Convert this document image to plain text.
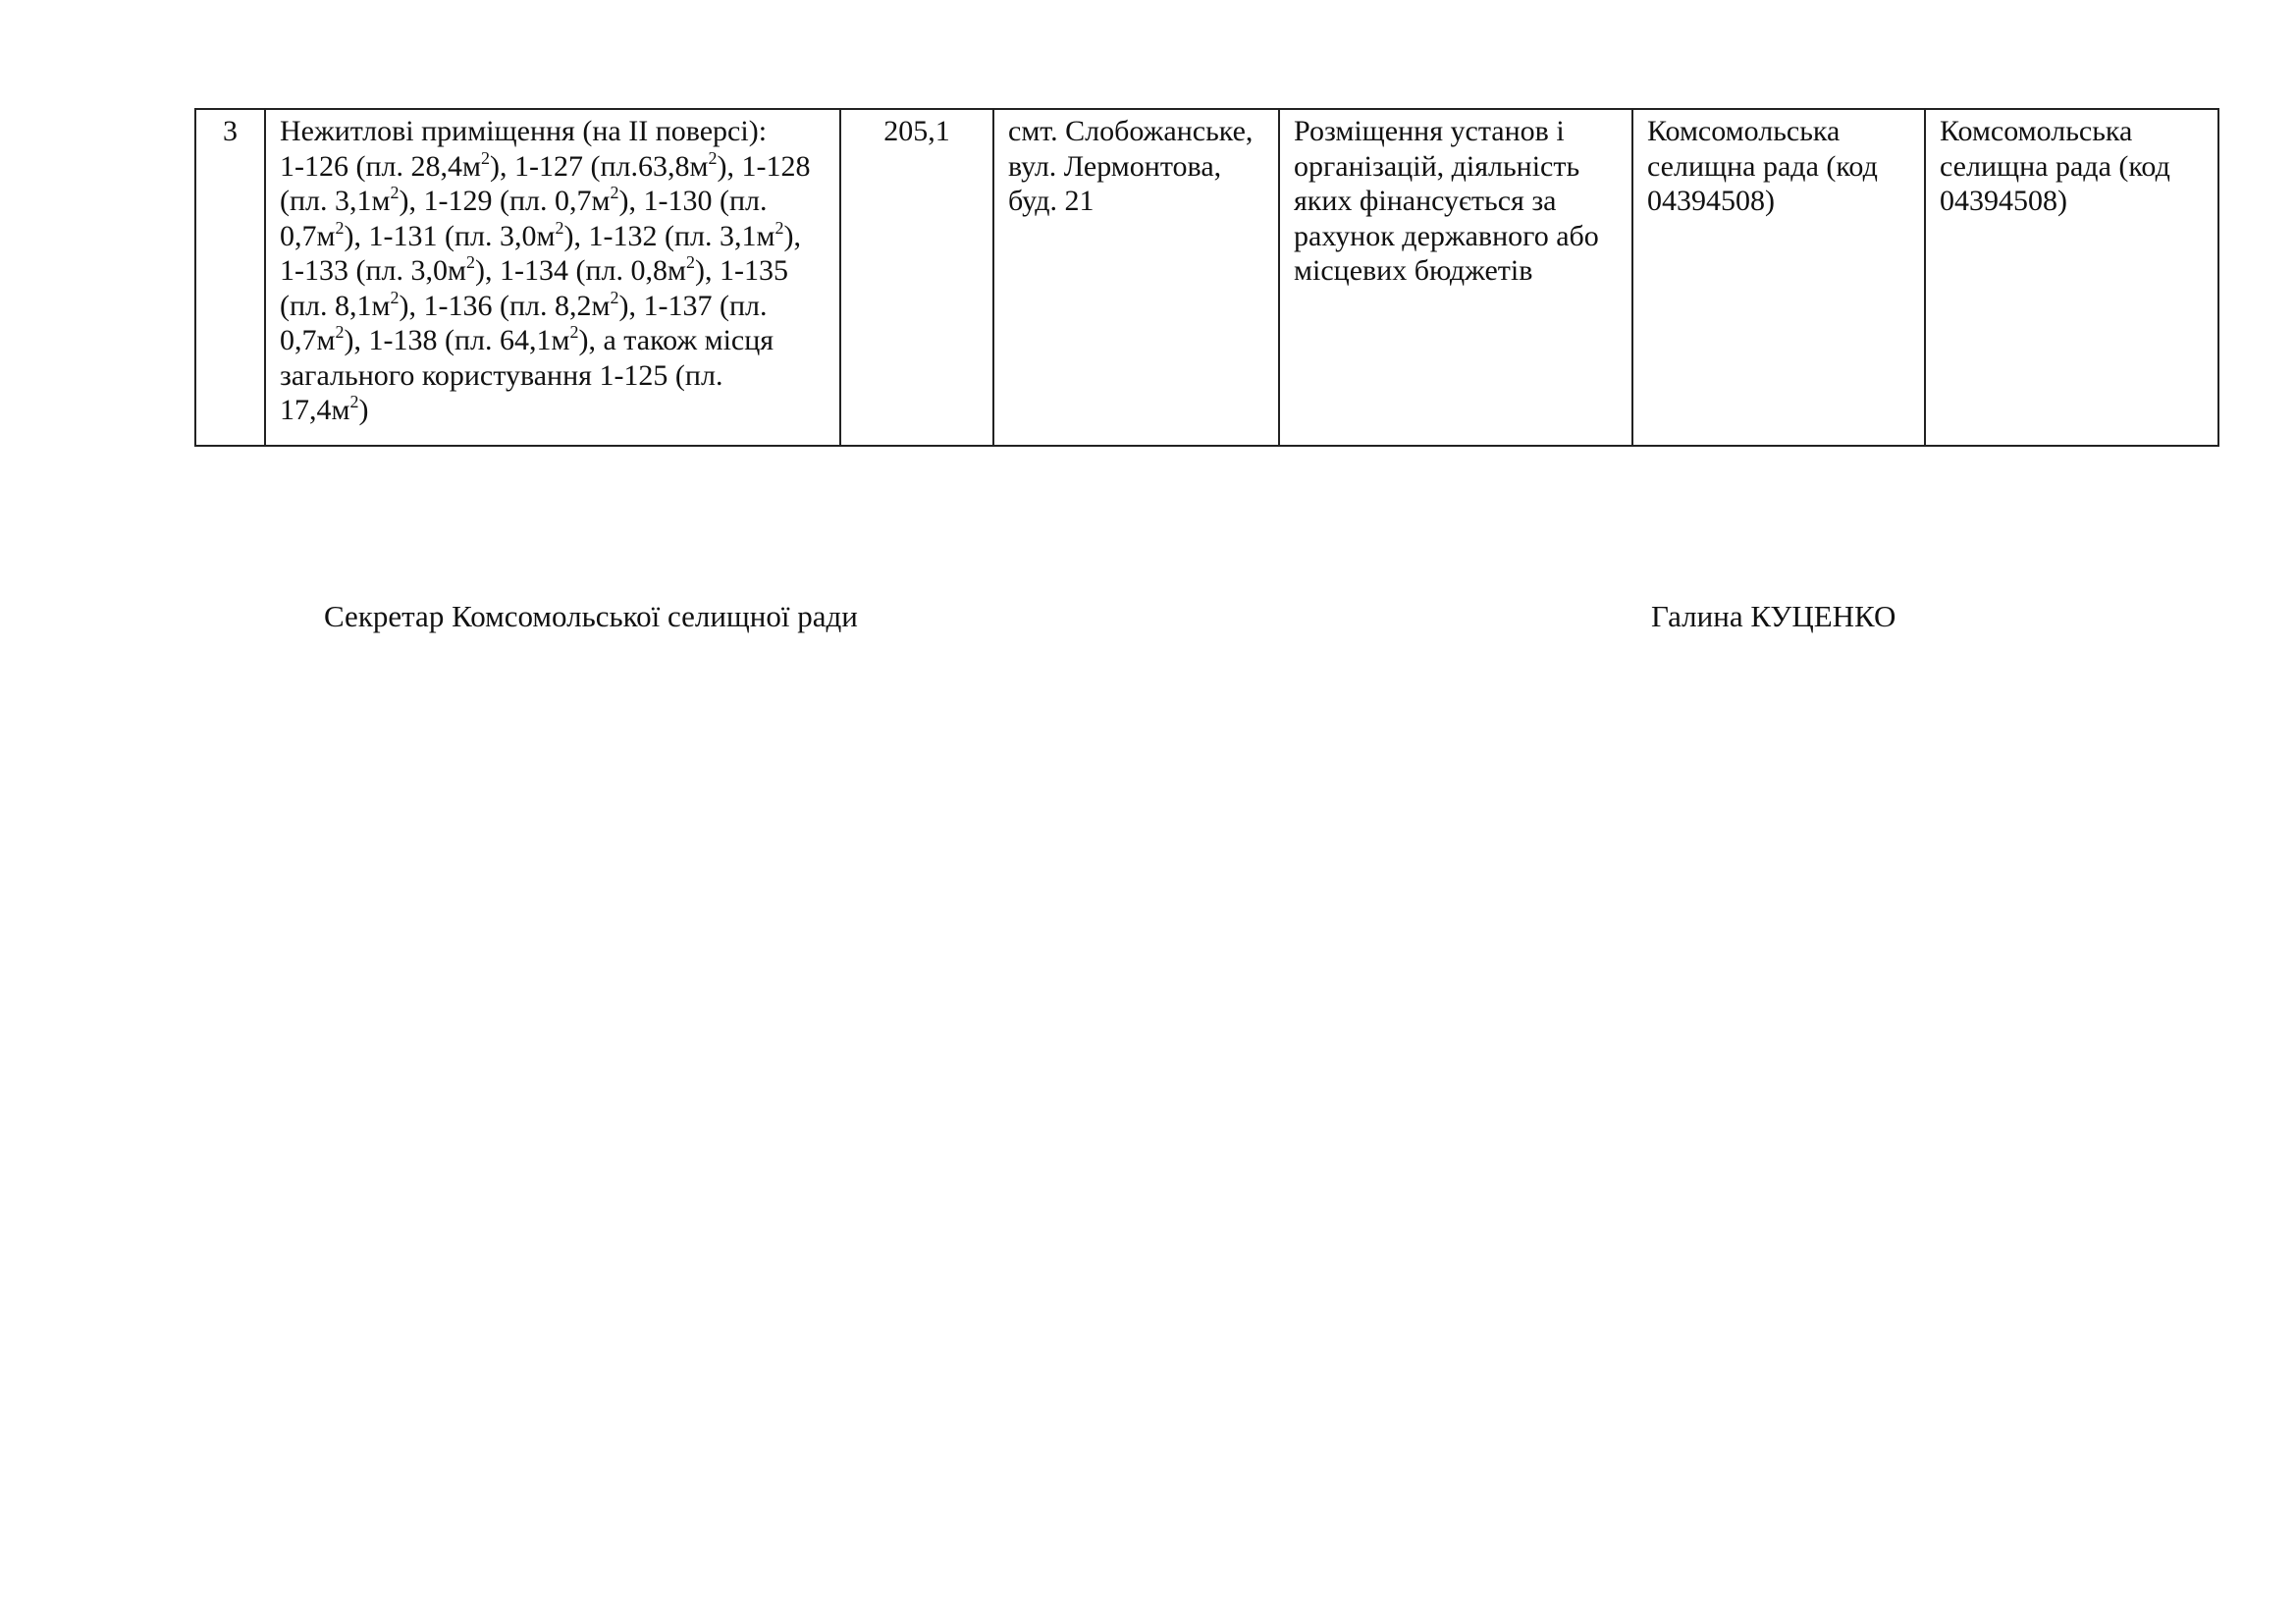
3	Нежитлові приміщення (на II поверсі):
1-126 (пл. $28,4м^2$), 1-127 $(пл.63,8м^2)$, 1-128
(пл. $3,1м^2$), 1-129 (пл. $0,7м^2$), 1-130 (пл.
$0,7м^2$), 1-131 (пл. $3,0м^2$), 1-132 (пл. $3,1м^2$),
1-133 (пл. $3,0м^2$), 1-134 (пл. $0,8м^2$), 1-135
(пл. $8,1м^2$), 1-136 (пл. $8,2м^2$), 1-137 (пл.
$0,7м^2$), 1-138 (пл. $64,1м^2$), а також місця
загального користування 1-125 (пл.
$17,4м^2$)
	205,1	смт. Слобожанське, вул. Лермонтова, буд. 21	Розміщення установ і організацій, діяльність яких фінансується за рахунок державного або місцевих бюджетів	Комсомольська селищна рада (код 04394508)	Комсомольська селищна рада (код 04394508)
Секретар Комсомольської селищної ради	Галина КУЦЕНКО
